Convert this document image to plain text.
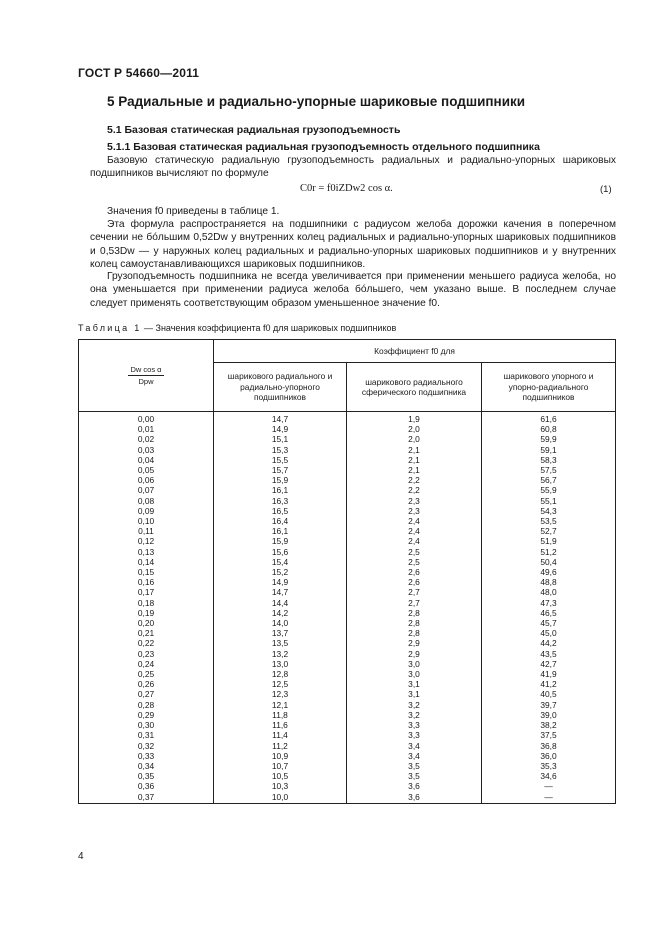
ГОСТ Р 54660—2011
5 Радиальные и радиально-упорные шариковые подшипники
5.1 Базовая статическая радиальная грузоподъемность
5.1.1 Базовая статическая радиальная грузоподъемность отдельного подшипника
Базовую статическую радиальную грузоподъемность радиальных и радиально-упорных шариковых подшипников вычисляют по формуле
C0r = f0iZDw2 cos α.	(1)
Значения f0 приведены в таблице 1.
Эта формула распространяется на подшипники с радиусом желоба дорожки качения в поперечном сечении не бóльшим 0,52Dw у внутренних колец радиальных и радиально-упорных шариковых подшипников и 0,53Dw — у наружных колец радиальных и радиально-упорных шариковых подшипников и у внутренних колец самоустанавливающихся шариковых подшипников.
Грузоподъемность подшипника не всегда увеличивается при применении меньшего радиуса желоба, но она уменьшается при применении радиуса желоба бóльшего, чем указано выше. В последнем случае следует применять соответствующим образом уменьшенное значение f0.
Таблица 1 — Значения коэффициента f0 для шариковых подшипников
$\frac{\text{Dw cos α}}{\text{Dpw}}$	Коэффициент f0 для		
	шарикового радиального и радиально-упорного подшипников	шарикового радиального сферического подшипника	шарикового упорного и упорно-радиального подшипников
0,00	14,7	1,9	61,6
0,01	14,9	2,0	60,8
0,02	15,1	2,0	59,9
0,03	15,3	2,1	59,1
0,04	15,5	2,1	58,3
0,05	15,7	2,1	57,5
0,06	15,9	2,2	56,7
0,07	16,1	2,2	55,9
0,08	16,3	2,3	55,1
0,09	16,5	2,3	54,3
0,10	16,4	2,4	53,5
0,11	16,1	2,4	52,7
0,12	15,9	2,4	51,9
0,13	15,6	2,5	51,2
0,14	15,4	2,5	50,4
0,15	15,2	2,6	49,6
0,16	14,9	2,6	48,8
0,17	14,7	2,7	48,0
0,18	14,4	2,7	47,3
0,19	14,2	2,8	46,5
0,20	14,0	2,8	45,7
0,21	13,7	2,8	45,0
0,22	13,5	2,9	44,2
0,23	13,2	2,9	43,5
0,24	13,0	3,0	42,7
0,25	12,8	3,0	41,9
0,26	12,5	3,1	41,2
0,27	12,3	3,1	40,5
0,28	12,1	3,2	39,7
0,29	11,8	3,2	39,0
0,30	11,6	3,3	38,2
0,31	11,4	3,3	37,5
0,32	11,2	3,4	36,8
0,33	10,9	3,4	36,0
0,34	10,7	3,5	35,3
0,35	10,5	3,5	34,6
0,36	10,3	3,6	—
0,37	10,0	3,6	—
4
